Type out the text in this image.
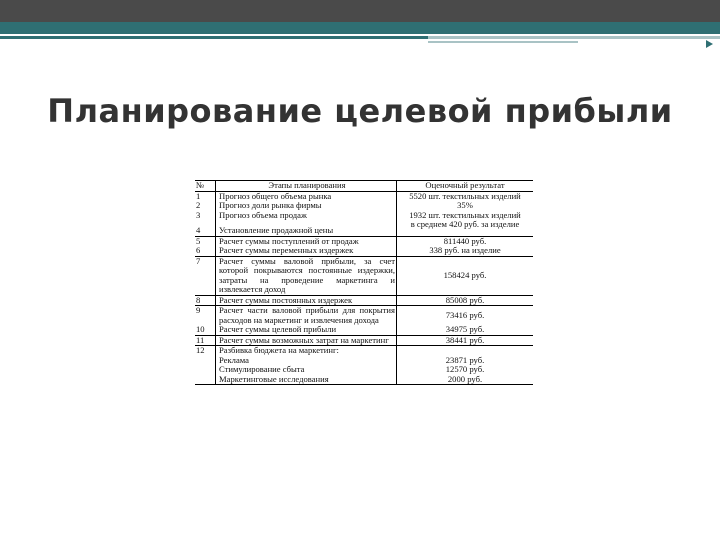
Планирование целевой прибыли
№	Этапы планирования	Оценочный результат
1	Прогноз общего объема рынка	5520 шт. текстильных изделий
2	Прогноз доли рынка фирмы	35%
3	Прогноз объема продаж	1932 шт. текстильных изделий
4	Установление продажной цены	в среднем 420 руб. за изделие
5	Расчет суммы поступлений от продаж	811440 руб.
6	Расчет суммы переменных издержек	338 руб. на изделие
7	Расчет суммы валовой прибыли, за счет которой покрываются постоянные издержки, затраты на проведение маркетинга и извлекается доход	158424 руб.
8	Расчет суммы постоянных издержек	85008 руб.
9	Расчет части валовой прибыли для покрытия расходов на маркетинг и извлечения дохода	73416 руб.
10	Расчет суммы целевой прибыли	34975 руб.
11	Расчет суммы возможных затрат на маркетинг	38441 руб.
12	Разбивка бюджета на маркетинг:	
	Реклама	23871 руб.
	Стимулирование сбыта	12570 руб.
	Маркетинговые исследования	2000 руб.
